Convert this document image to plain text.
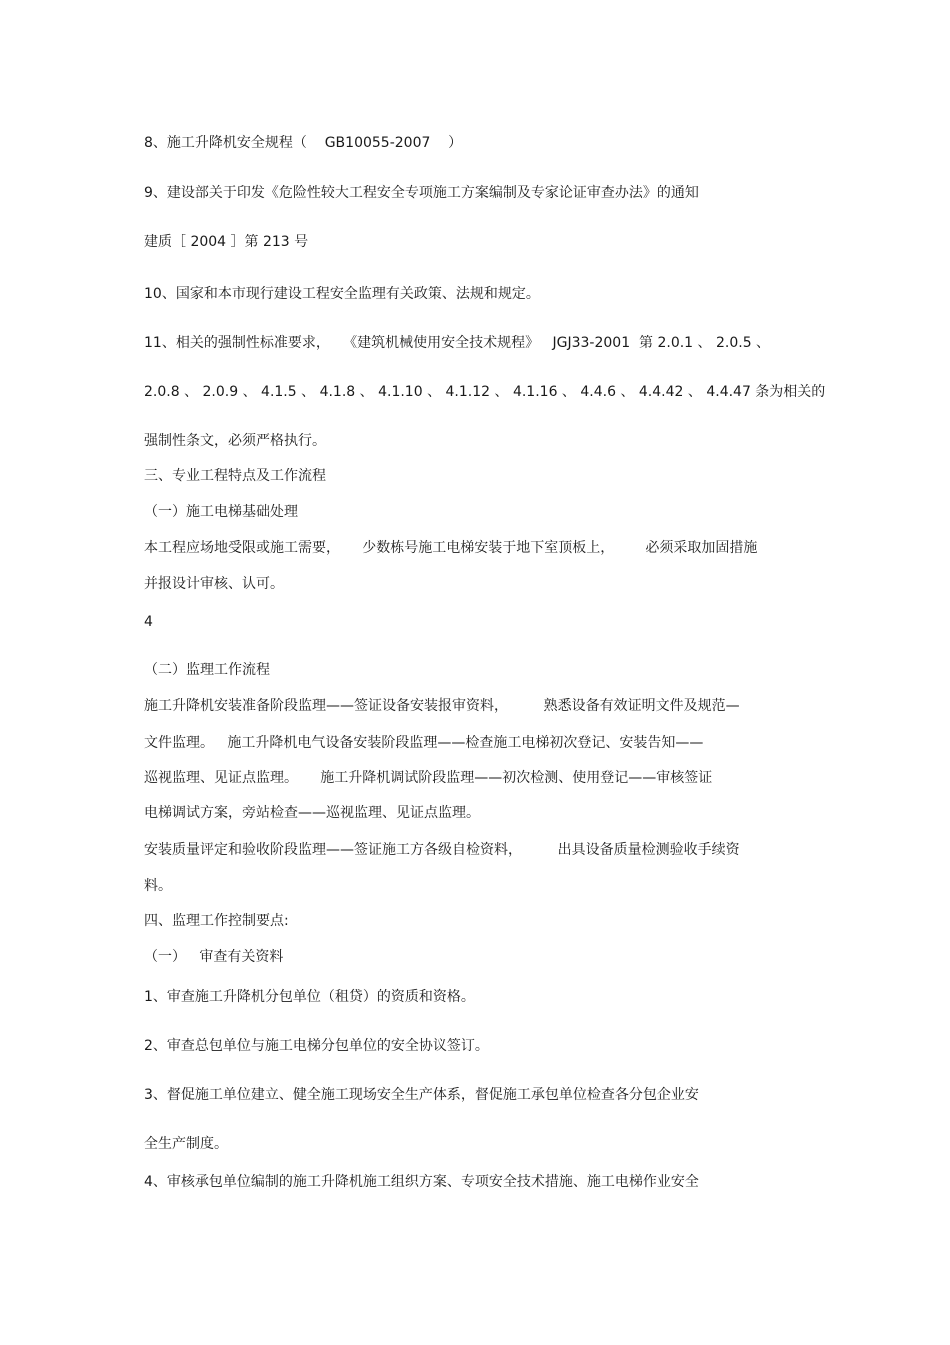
8、施工升降机安全规程（    GB10055-2007    ）
9、建设部关于印发《危险性较大工程安全专项施工方案编制及专家论证审查办法》的通知
建质［ 2004 ］第 213 号
10、国家和本市现行建设工程安全监理有关政策、法规和规定。
11、相关的强制性标准要求，   《建筑机械使用安全技术规程》   JGJ33-2001  第 2.0.1 、 2.0.5 、
2.0.8 、 2.0.9 、 4.1.5 、 4.1.8 、 4.1.10 、 4.1.12 、 4.1.16 、 4.4.6 、 4.4.42 、 4.4.47 条为相关的
强制性条文，必须严格执行。
三、专业工程特点及工作流程
（一）施工电梯基础处理
本工程应场地受限或施工需要，     少数栋号施工电梯安装于地下室顶板上，       必须采取加固措施
并报设计审核、认可。
4
（二）监理工作流程
施工升降机安装准备阶段监理——签证设备安装报审资料，        熟悉设备有效证明文件及规范—
文件监理。   施工升降机电气设备安装阶段监理——检查施工电梯初次登记、安装告知——
巡视监理、见证点监理。     施工升降机调试阶段监理——初次检测、使用登记——审核签证
电梯调试方案，旁站检查——巡视监理、见证点监理。
安装质量评定和验收阶段监理——签证施工方各级自检资料，        出具设备质量检测验收手续资
料。
四、监理工作控制要点:
（一）   审查有关资料
1、审查施工升降机分包单位（租贷）的资质和资格。
2、审查总包单位与施工电梯分包单位的安全协议签订。
3、督促施工单位建立、健全施工现场安全生产体系，督促施工承包单位检查各分包企业安
全生产制度。
4、审核承包单位编制的施工升降机施工组织方案、专项安全技术措施、施工电梯作业安全
